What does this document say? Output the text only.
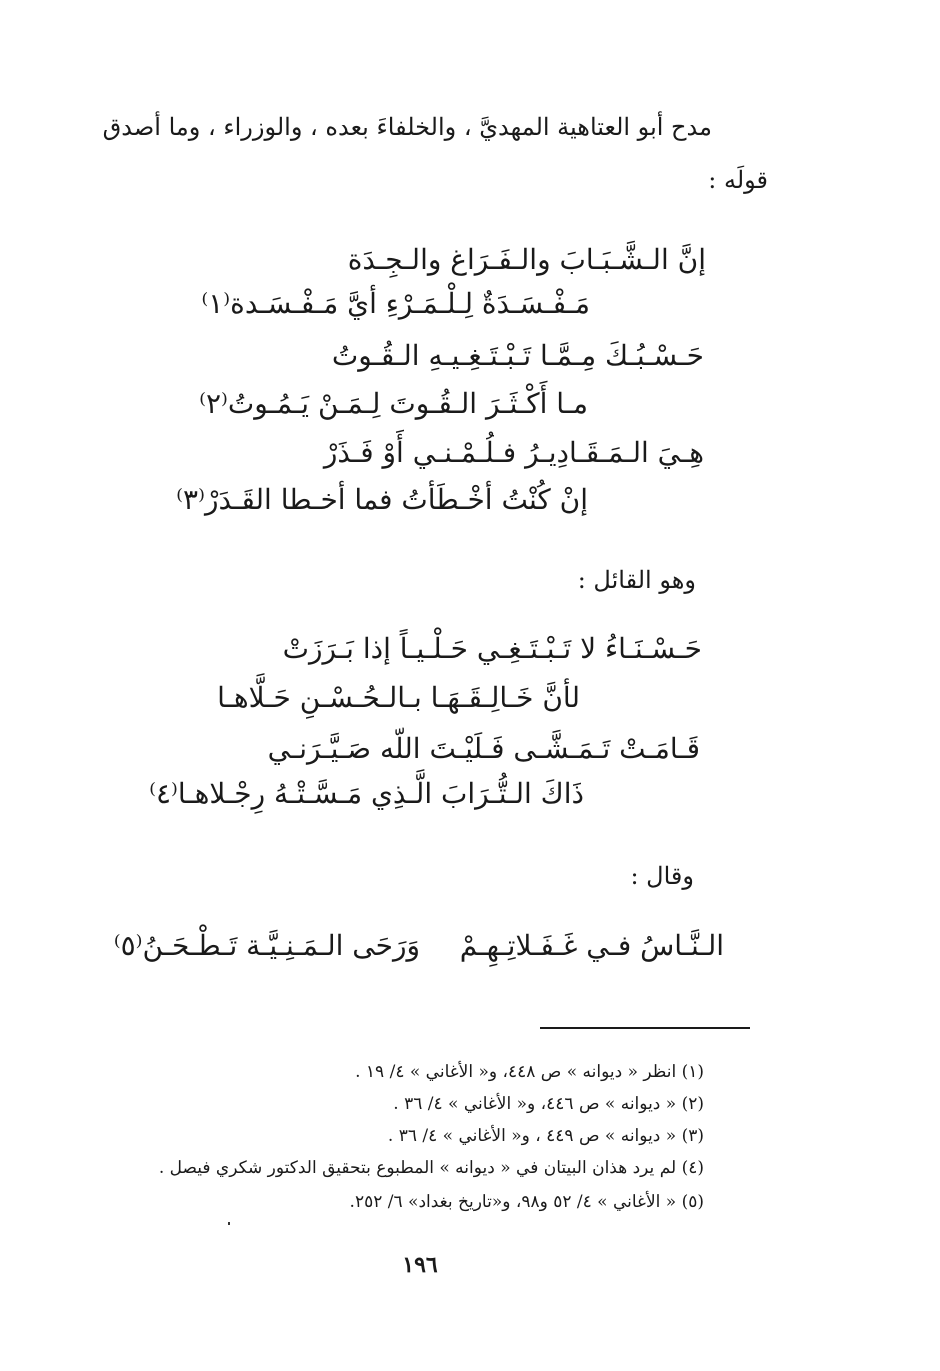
مدح أبو العتاهية المهديَّ ، والخلفاءَ بعده ، والوزراء ، وما أصدق
قولَه :
إنَّ الـشَّـبَـابَ والـفَـرَاغ والـجِـدَة
مَـفْـسَـدَةٌ لِـلْـمَـرْءِ أيَّ مَـفْـسَـدة⁽١⁾
حَـسْـبُـكَ مِـمَّـا تَـبْـتَـغِـيـهِ الـقُـوتُ
مـا أَكْـثَـرَ الـقُـوتَ لِـمَـنْ يَـمُـوتُ⁽٢⁾
هِـيَ الـمَـقَـادِيـرُ فـلُـمْـنـي أَوْ فَـذَرْ
إنْ كُنْتُ أخْـطَأتُ فما أخـطا القَـدَرْ⁽٣⁾
وهو القائل :
حَـسْـنَـاءُ لا تَـبْـتَـغِـي حَـلْـيـاً إذا بَـرَزَتْ
لأنَّ خَـالِـقَـهَـا بـالـحُـسْـنِ حَـلَّاهـا
قَـامَـتْ تَـمَـشَّـى فَـلَيْـتَ اللّه صَـيَّـرَنـي
ذَاكَ الـتُّـرَابَ الَّـذِي مَـسَّـتْـهُ رِجْـلاهـا⁽٤⁾
وقال :
الـنَّـاسُ فـي غَـفَـلاتِـهِـمْ
وَرَحَى الـمَـنِـيَّـة تَـطْـحَـنُ⁽٥⁾
(١) انظر « ديوانه » ص ٤٤٨، و« الأغاني » ٤/ ١٩ .
(٢) « ديوانه » ص ٤٤٦، و« الأغاني » ٤/ ٣٦ .
(٣) « ديوانه » ص ٤٤٩ ، و« الأغاني » ٤/ ٣٦ .
(٤) لم يرد هذان البيتان في « ديوانه » المطبوع بتحقيق الدكتور شكري فيصل .
(٥) « الأغاني » ٤/ ٥٢ و٩٨، و«تاريخ بغداد» ٦/ ٢٥٢.
١٩٦
